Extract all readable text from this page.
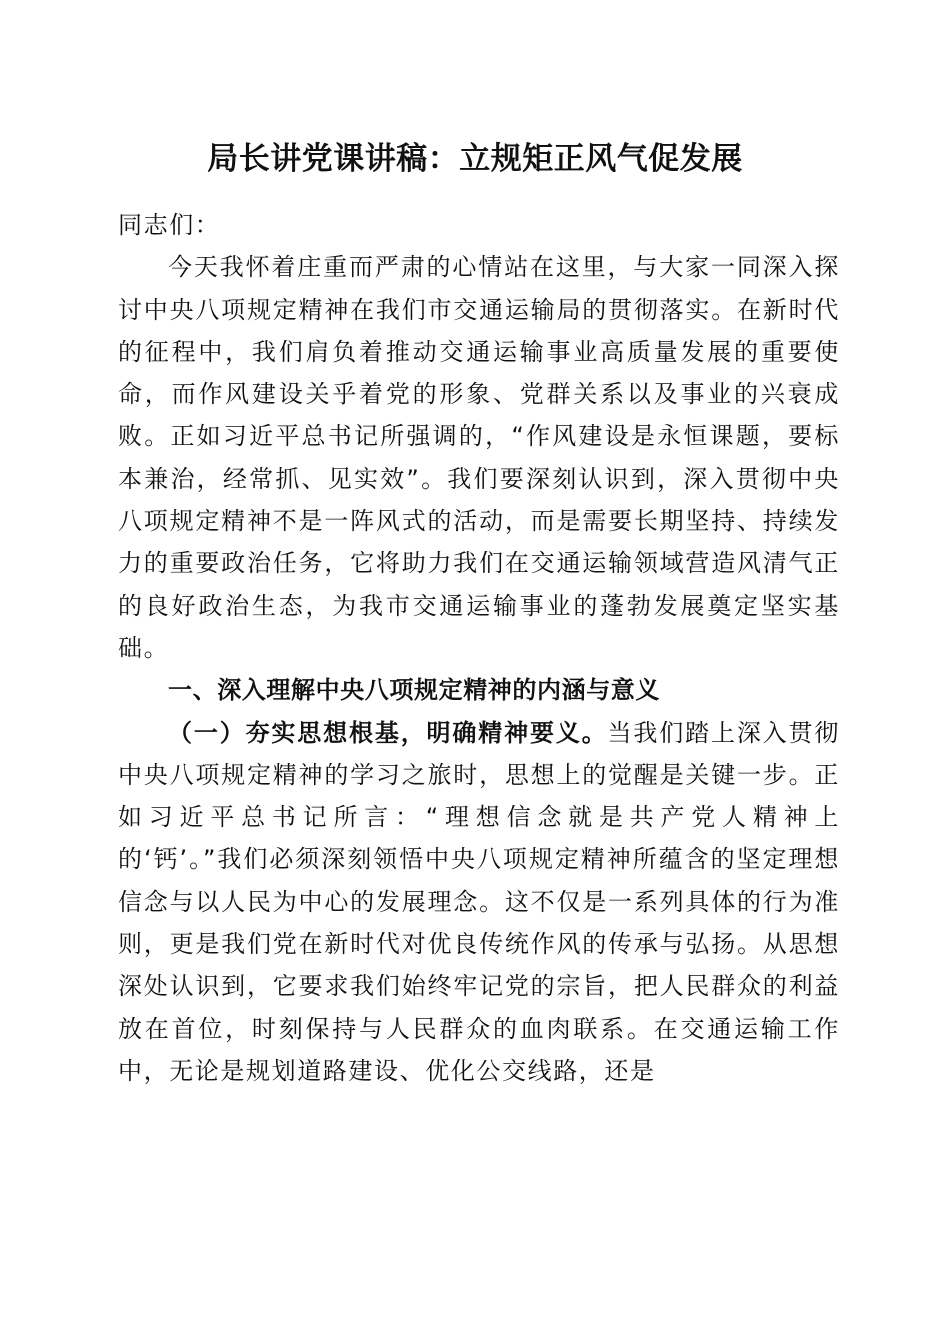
局长讲党课讲稿：立规矩正风气促发展

同志们：

今天我怀着庄重而严肃的心情站在这里，与大家一同深入探讨中央八项规定精神在我们市交通运输局的贯彻落实。在新时代的征程中，我们肩负着推动交通运输事业高质量发展的重要使命，而作风建设关乎着党的形象、党群关系以及事业的兴衰成败。正如习近平总书记所强调的，“作风建设是永恒课题，要标本兼治，经常抓、见实效”。我们要深刻认识到，深入贯彻中央八项规定精神不是一阵风式的活动，而是需要长期坚持、持续发力的重要政治任务，它将助力我们在交通运输领域营造风清气正的良好政治生态，为我市交通运输事业的蓬勃发展奠定坚实基础。

一、深入理解中央八项规定精神的内涵与意义

（一）夯实思想根基，明确精神要义。当我们踏上深入贯彻中央八项规定精神的学习之旅时，思想上的觉醒是关键一步。正如习近平总书记所言：“理想信念就是共产党人精神上的‘钙’。”我们必须深刻领悟中央八项规定精神所蕴含的坚定理想信念与以人民为中心的发展理念。这不仅是一系列具体的行为准则，更是我们党在新时代对优良传统作风的传承与弘扬。从思想深处认识到，它要求我们始终牢记党的宗旨，把人民群众的利益放在首位，时刻保持与人民群众的血肉联系。在交通运输工作中，无论是规划道路建设、优化公交线路，还是
